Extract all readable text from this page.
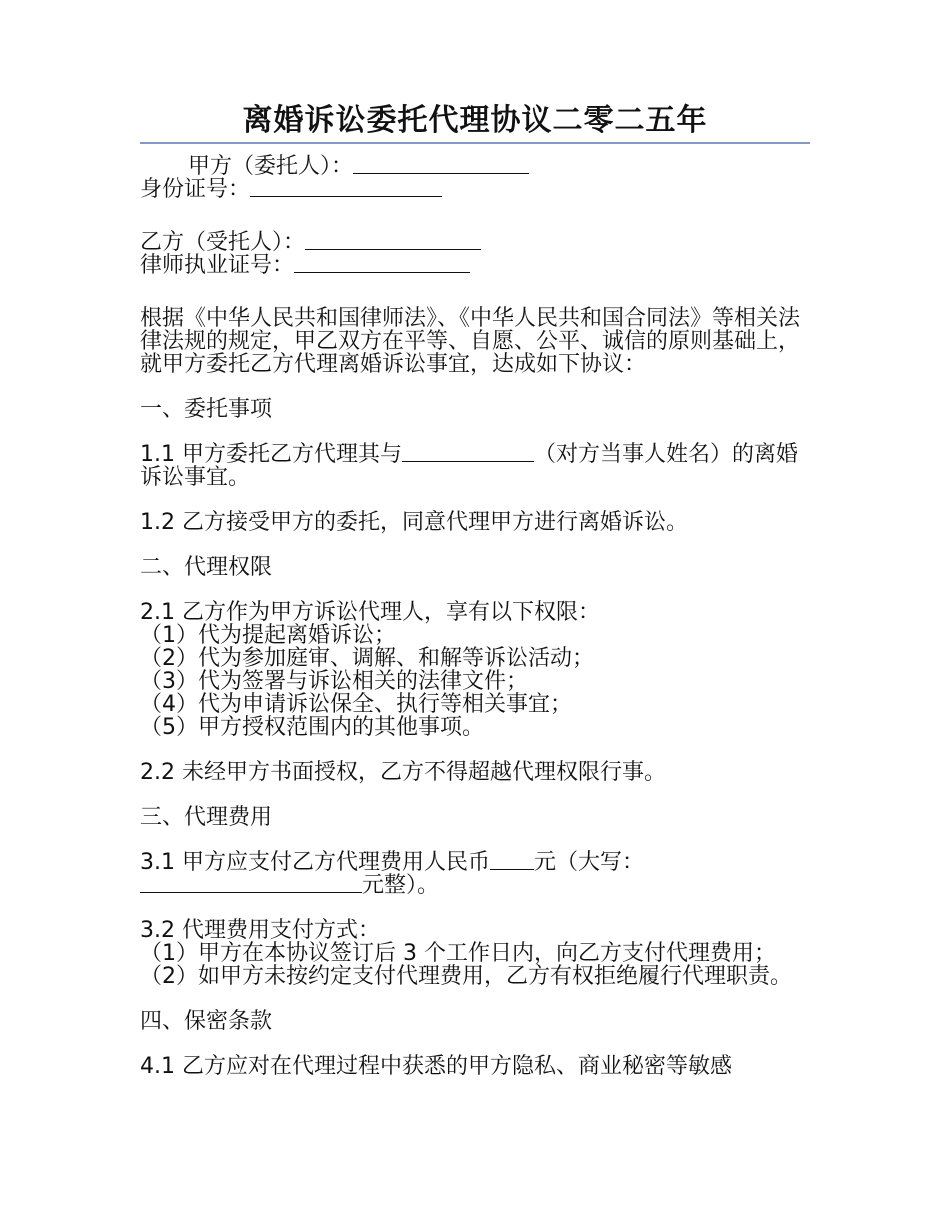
离婚诉讼委托代理协议二零二五年

甲方（委托人）：

身份证号：

乙方（受托人）：

律师执业证号：

根据《中华人民共和国律师法》、《中华人民共和国合同法》等相关法律法规的规定，甲乙双方在平等、自愿、公平、诚信的原则基础上，就甲方委托乙方代理离婚诉讼事宜，达成如下协议：

一、委托事项

1.1 甲方委托乙方代理其与	（对方当事人姓名）的离婚诉讼事宜。

1.2 乙方接受甲方的委托，同意代理甲方进行离婚诉讼。

二、代理权限

2.1 乙方作为甲方诉讼代理人，享有以下权限：

（1）代为提起离婚诉讼；

（2）代为参加庭审、调解、和解等诉讼活动；

（3）代为签署与诉讼相关的法律文件；

（4）代为申请诉讼保全、执行等相关事宜；

（5）甲方授权范围内的其他事项。

2.2 未经甲方书面授权，乙方不得超越代理权限行事。

三、代理费用

3.1 甲方应支付乙方代理费用人民币 元（大写：元整）。

3.2 代理费用支付方式：

（1）甲方在本协议签订后 3 个工作日内，向乙方支付代理费用；

（2）如甲方未按约定支付代理费用，乙方有权拒绝履行代理职责。

四、保密条款

4.1 乙方应对在代理过程中获悉的甲方隐私、商业秘密等敏感
